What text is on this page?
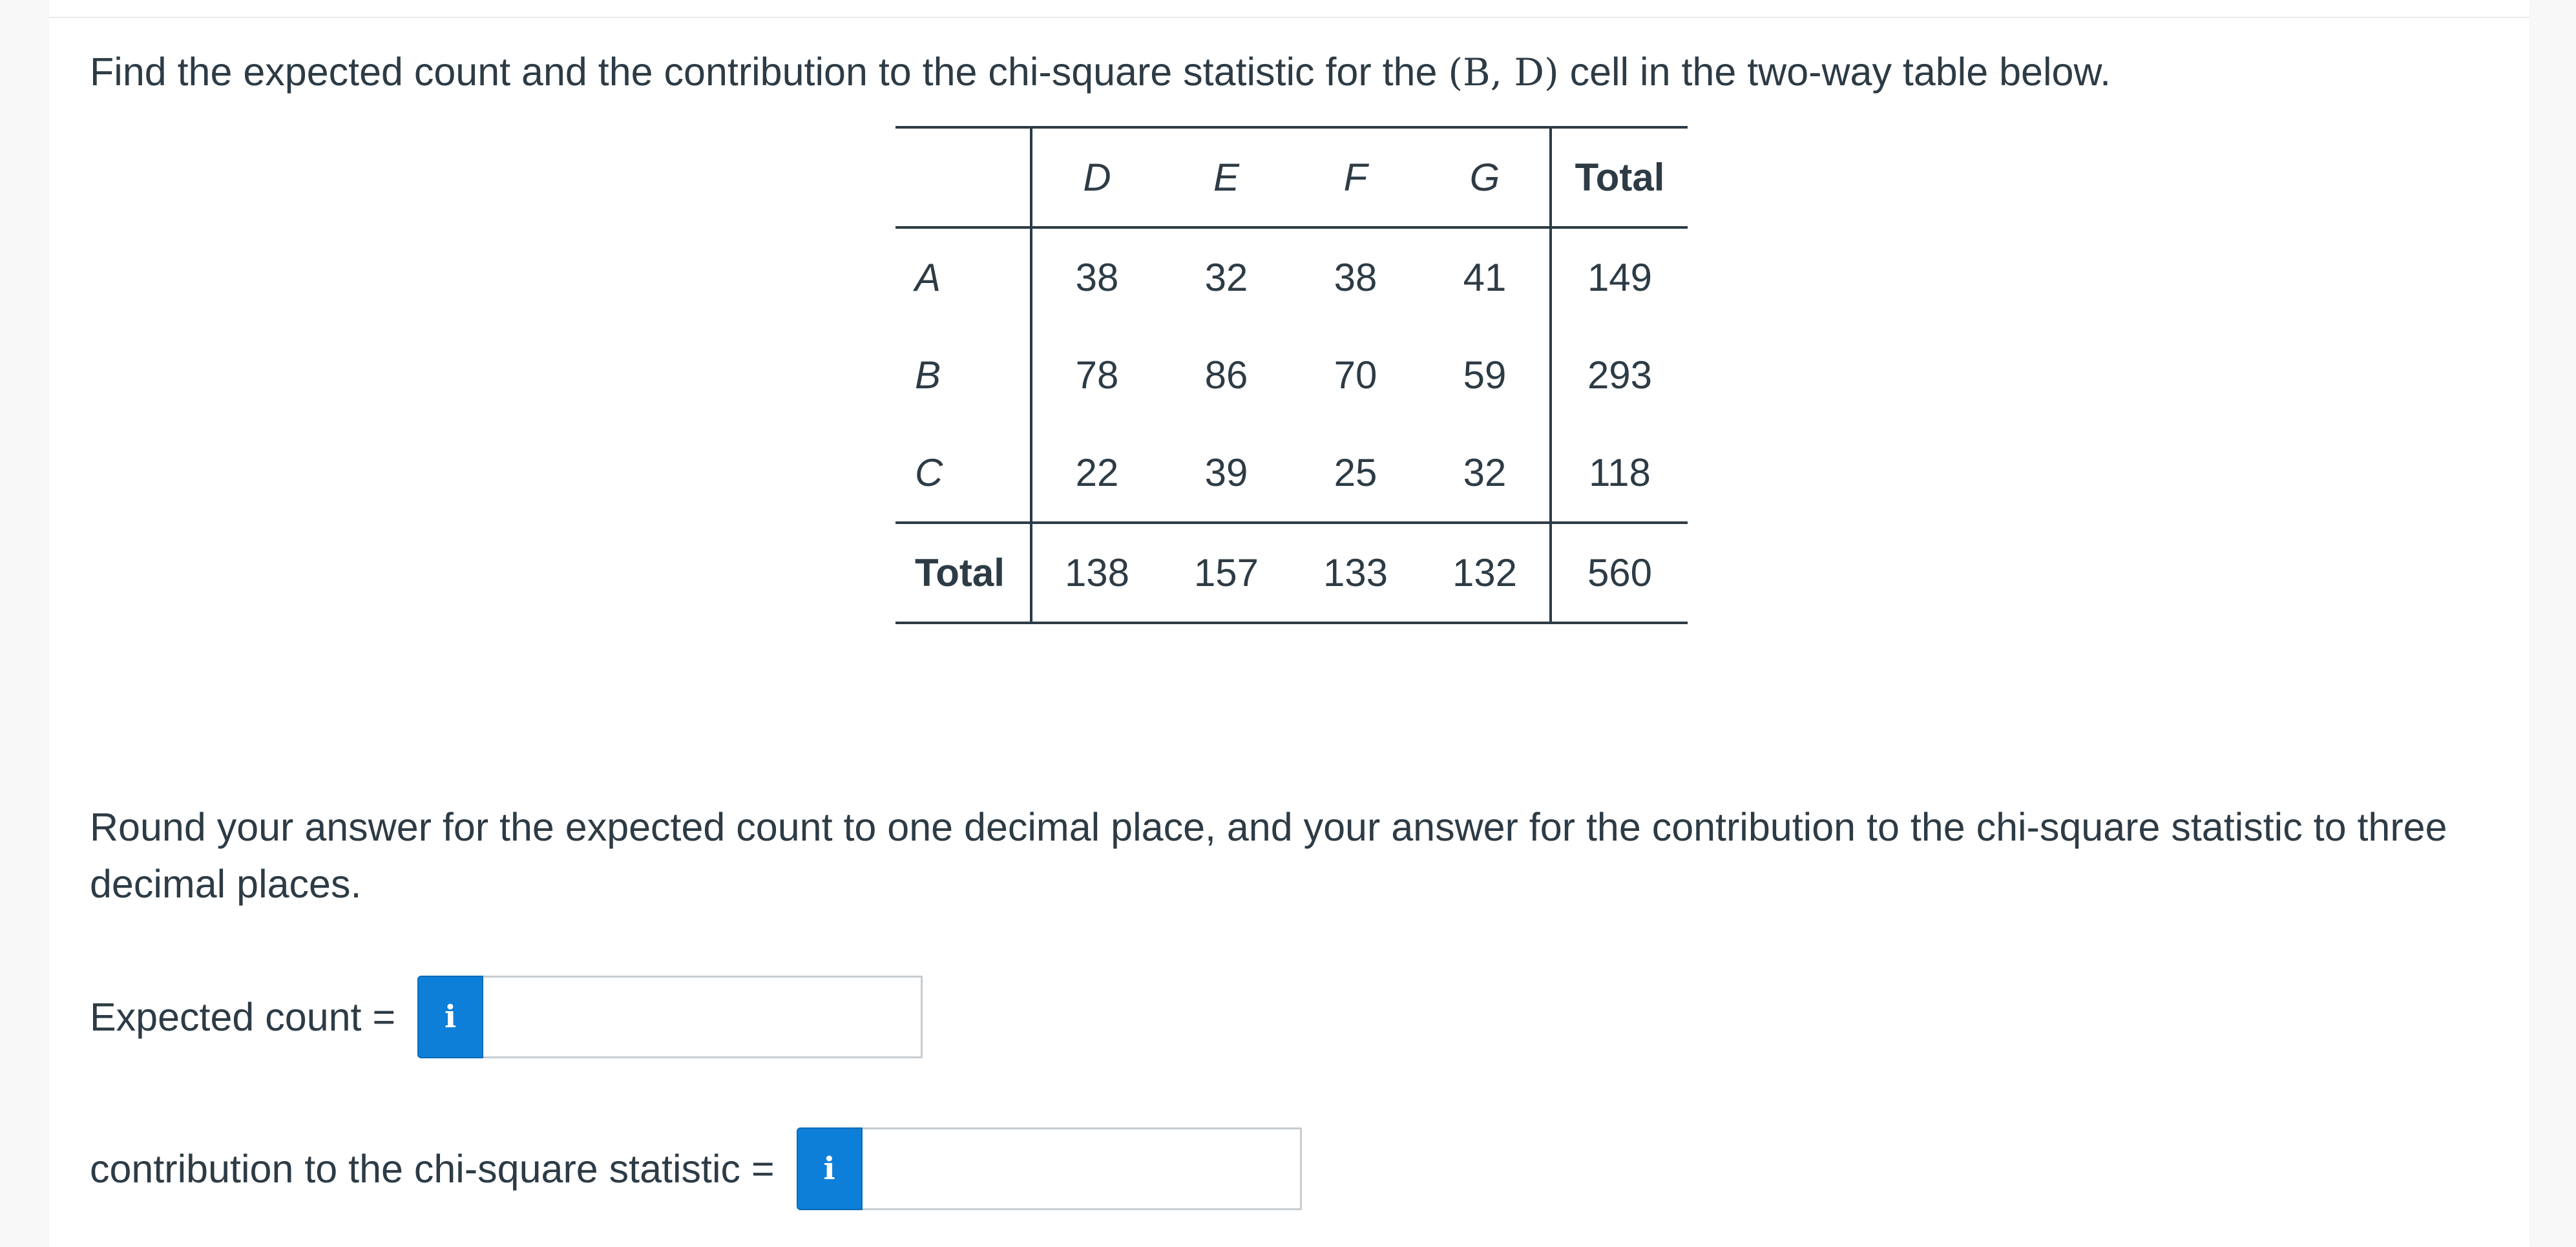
Find the expected count and the contribution to the chi-square statistic for the (B, D) cell in the two-way table below.
	D	E	F	G	Total
A	38	32	38	41	149
B	78	86	70	59	293
C	22	39	25	32	118
Total	138	157	133	132	560
Round your answer for the expected count to one decimal place, and your answer for the contribution to the chi-square statistic to three decimal places.
Expected count =	i
contribution to the chi-square statistic =	i
